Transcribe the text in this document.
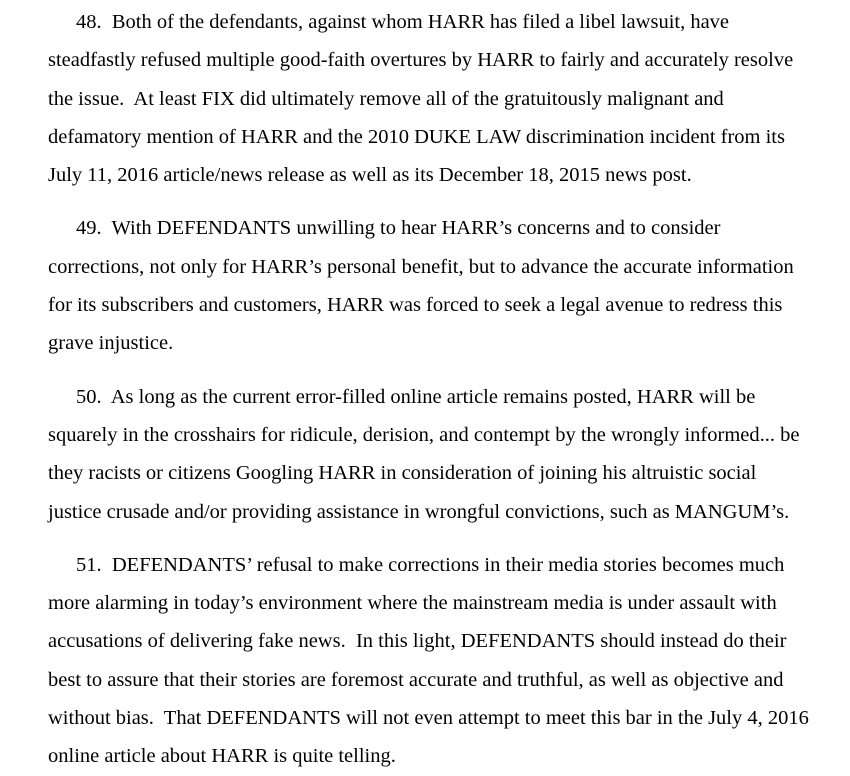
48.  Both of the defendants, against whom HARR has filed a libel lawsuit, have steadfastly refused multiple good-faith overtures by HARR to fairly and accurately resolve the issue.  At least FIX did ultimately remove all of the gratuitously malignant and defamatory mention of HARR and the 2010 DUKE LAW discrimination incident from its July 11, 2016 article/news release as well as its December 18, 2015 news post.

49.  With DEFENDANTS unwilling to hear HARR’s concerns and to consider corrections, not only for HARR’s personal benefit, but to advance the accurate information for its subscribers and customers, HARR was forced to seek a legal avenue to redress this grave injustice.

50.  As long as the current error-filled online article remains posted, HARR will be squarely in the crosshairs for ridicule, derision, and contempt by the wrongly informed... be they racists or citizens Googling HARR in consideration of joining his altruistic social justice crusade and/or providing assistance in wrongful convictions, such as MANGUM’s.

51.  DEFENDANTS’ refusal to make corrections in their media stories becomes much more alarming in today’s environment where the mainstream media is under assault with accusations of delivering fake news.  In this light, DEFENDANTS should instead do their best to assure that their stories are foremost accurate and truthful, as well as objective and without bias.  That DEFENDANTS will not even attempt to meet this bar in the July 4, 2016 online article about HARR is quite telling.
